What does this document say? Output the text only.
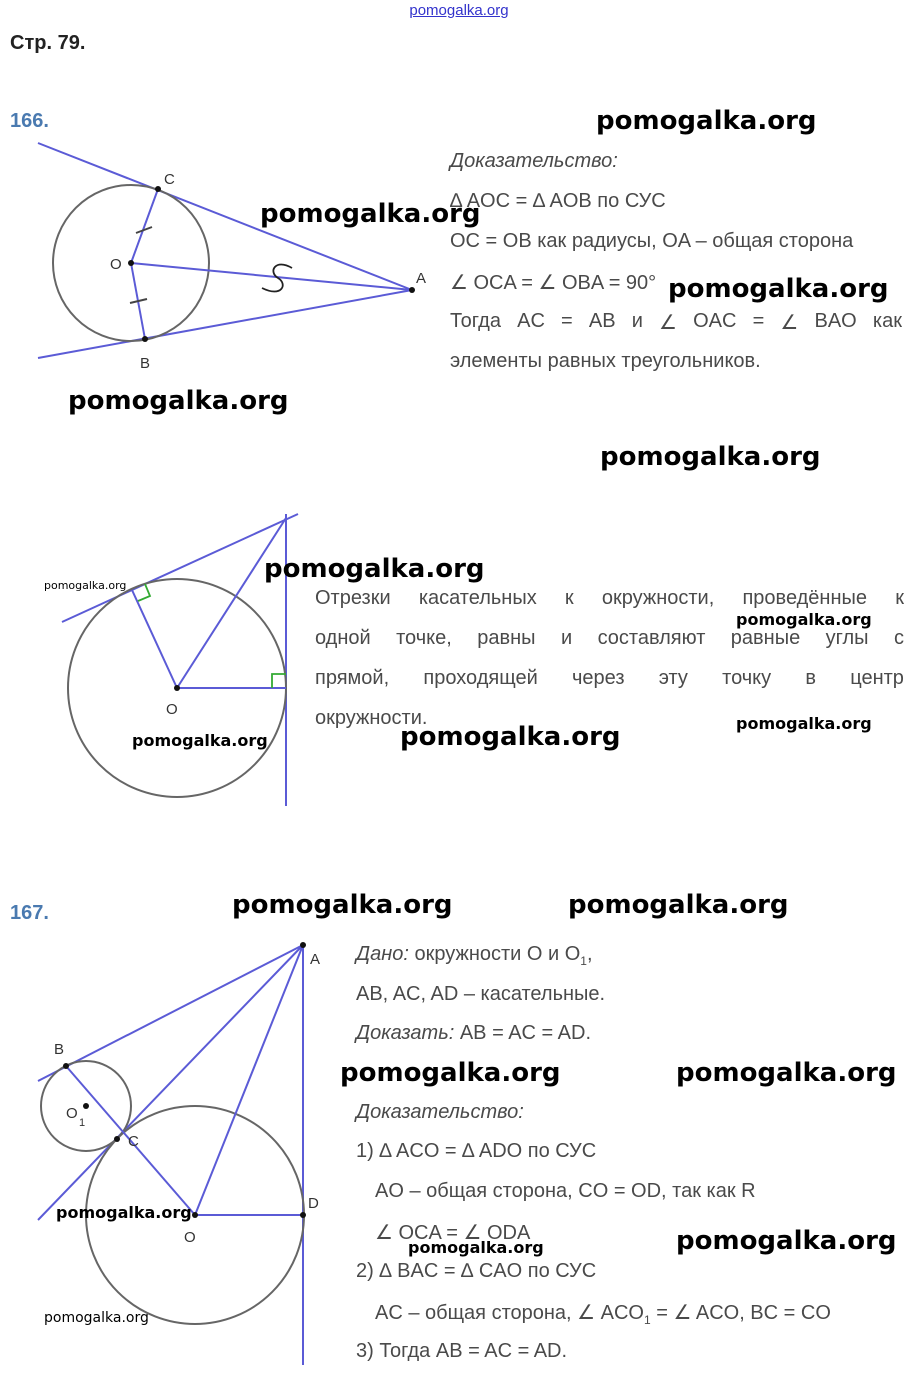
pomogalka.org
Стр. 79.
166.
C
O
A
B
O
A
B
O
1
C
D
O
Доказательство:
∆ AOC = ∆ AOB по СУС
OC = OB как радиусы, OA – общая сторона
∠ OCA = ∠ OBA = 90°
Тогда AC = AB и ∠ OAC = ∠ BAO как
элементы равных треугольников.
Отрезки касательных к окружности, проведённые к
одной точке, равны и составляют равные углы с
прямой, проходящей через эту точку в центр
окружности.
167.
Дано: окружности O и $O_1$,
AB, AC, AD – касательные.
Доказать: AB = AC = AD.
Доказательство:
1) ∆ ACO = ∆ ADO по СУС
AO – общая сторона, CO = OD, так как R
∠ OCA = ∠ ODA
2) ∆ BAC = ∆ CAO по СУС
AC – общая сторона, ∠ $ACO_1$ = ∠ ACO, BC = CO
3) Тогда AB = AC = AD.
pomogalka.org
pomogalka.org
pomogalka.org
pomogalka.org
pomogalka.org
pomogalka.org
pomogalka.org
pomogalka.org
pomogalka.org
pomogalka.org	pomogalka.org
pomogalka.org	pomogalka.org
pomogalka.org	pomogalka.org
pomogalka.org
pomogalka.org
pomogalka.org
pomogalka.org
